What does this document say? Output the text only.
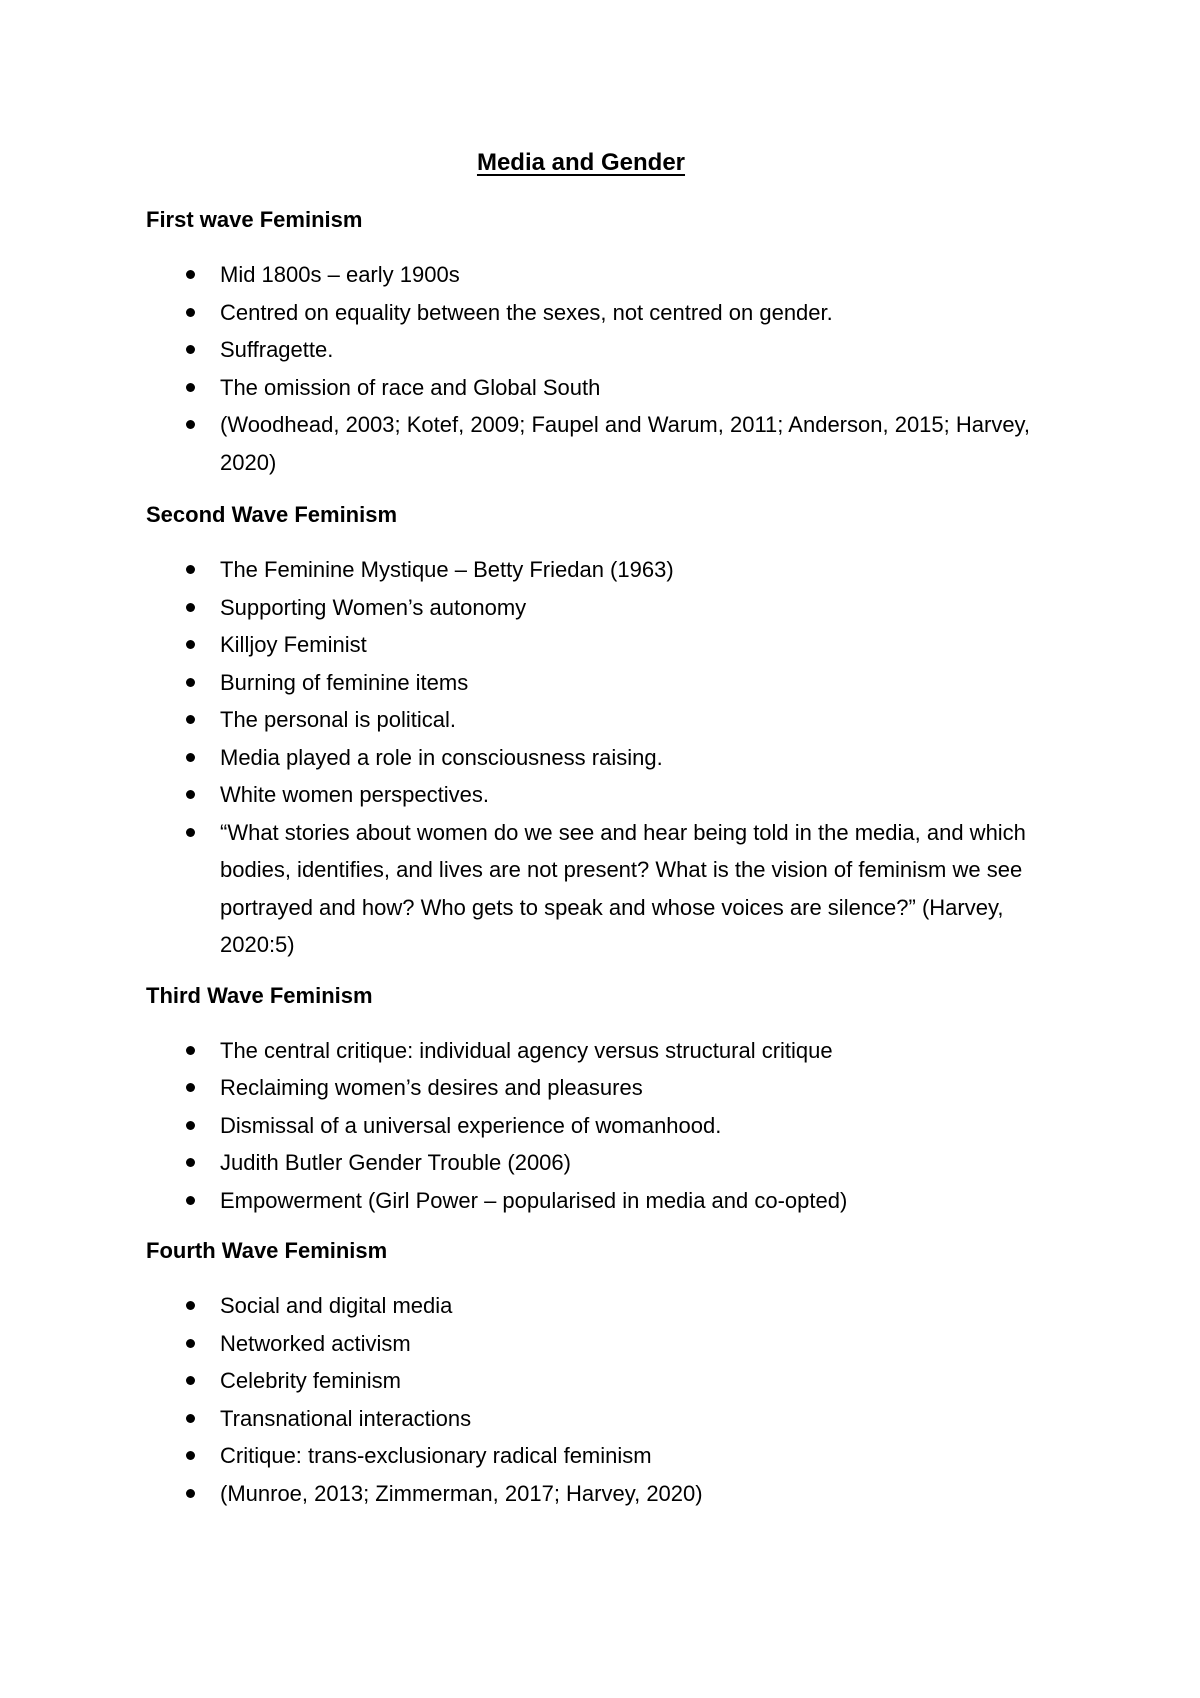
Media and Gender
First wave Feminism
Mid 1800s – early 1900s
Centred on equality between the sexes, not centred on gender.
Suffragette.
The omission of race and Global South
(Woodhead, 2003; Kotef, 2009; Faupel and Warum, 2011; Anderson, 2015; Harvey, 2020)
Second Wave Feminism
The Feminine Mystique – Betty Friedan (1963)
Supporting Women’s autonomy
Killjoy Feminist
Burning of feminine items
The personal is political.
Media played a role in consciousness raising.
White women perspectives.
“What stories about women do we see and hear being told in the media, and which bodies, identifies, and lives are not present? What is the vision of feminism we see portrayed and how? Who gets to speak and whose voices are silence?” (Harvey, 2020:5)
Third Wave Feminism
The central critique: individual agency versus structural critique
Reclaiming women’s desires and pleasures
Dismissal of a universal experience of womanhood.
Judith Butler Gender Trouble (2006)
Empowerment (Girl Power – popularised in media and co-opted)
Fourth Wave Feminism
Social and digital media
Networked activism
Celebrity feminism
Transnational interactions
Critique: trans-exclusionary radical feminism
(Munroe, 2013; Zimmerman, 2017; Harvey, 2020)
